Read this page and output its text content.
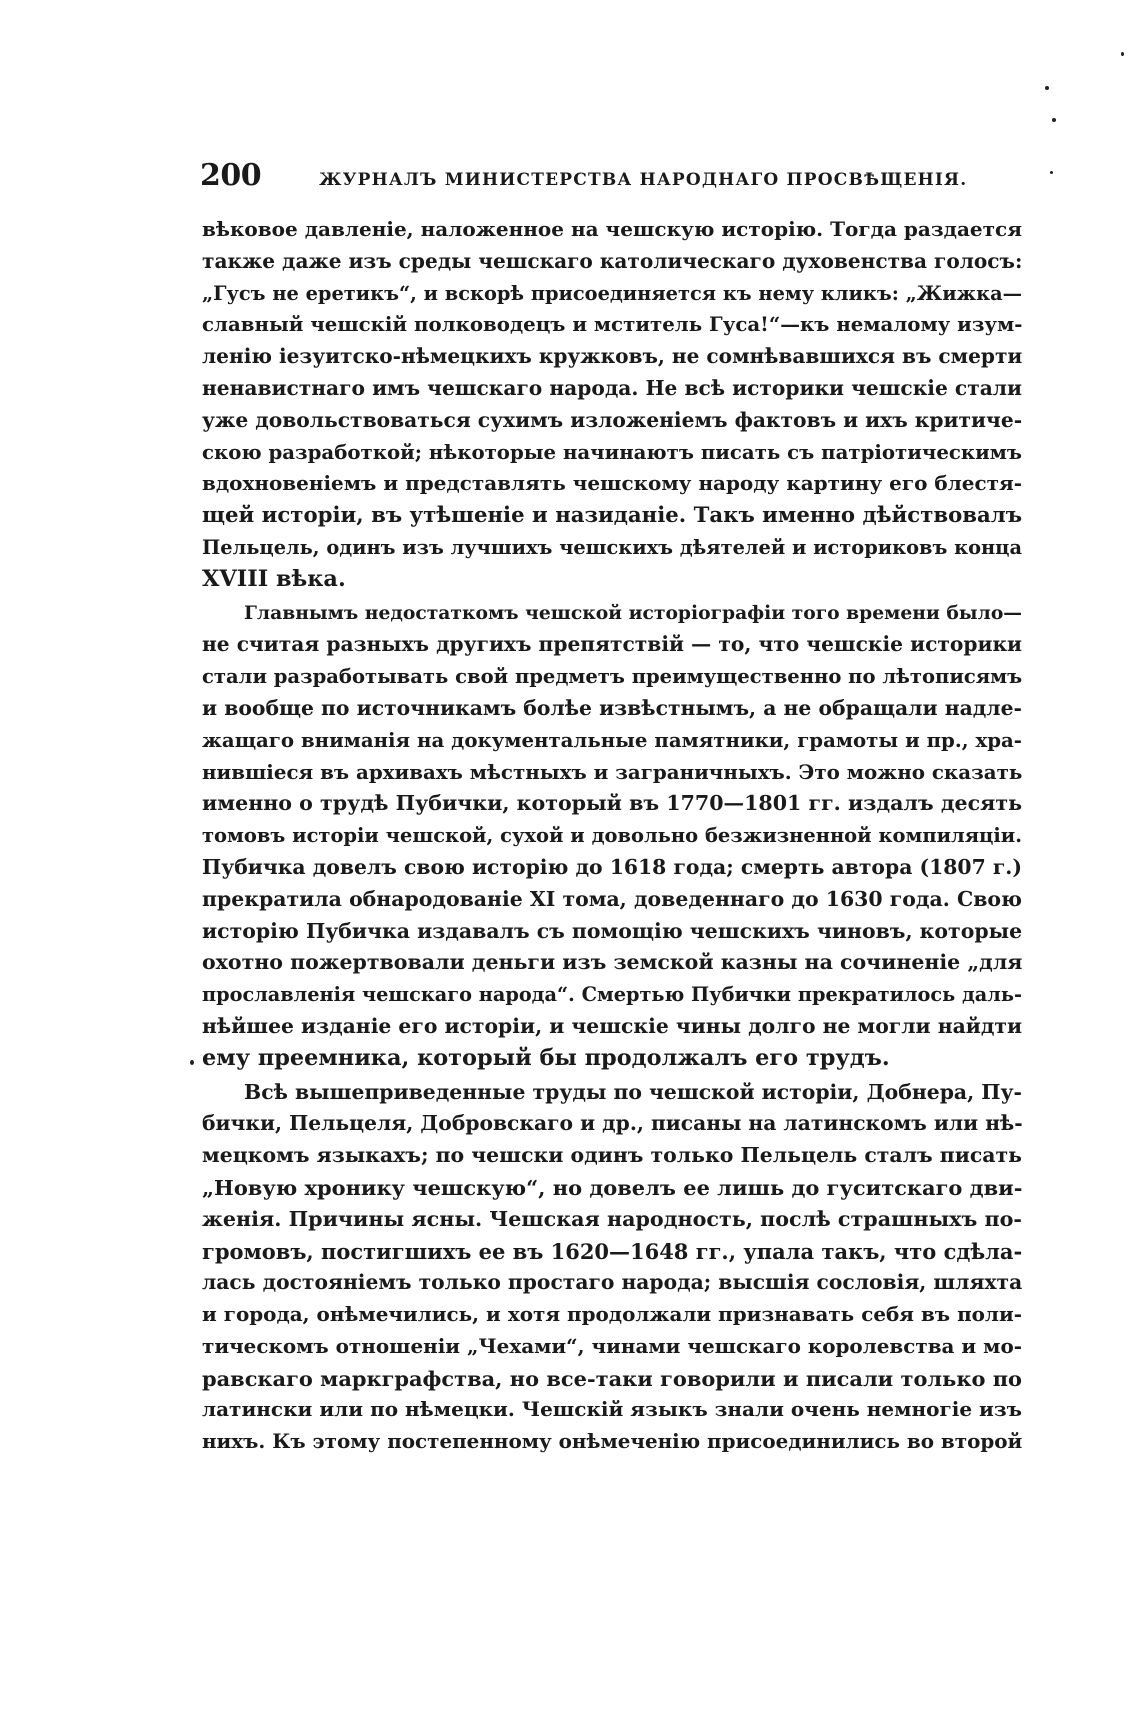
200	ЖУРНАЛЪ МИНИСТЕРСТВА НАРОДНАГО ПРОСВѢЩЕНІЯ.
вѣковое давленіе, наложенное на чешскую исторію. Тогда раздается
также даже изъ среды чешскаго католическаго духовенства голосъ:
„Гусъ не еретикъ“, и вскорѣ присоединяется къ нему кликъ: „Жижка—
славный чешскій полководецъ и мститель Гуса!“—къ немалому изум-
ленію іезуитско-нѣмецкихъ кружковъ, не сомнѣвавшихся въ смерти
ненавистнаго имъ чешскаго народа. Не всѣ историки чешскіе стали
уже довольствоваться сухимъ изложеніемъ фактовъ и ихъ критиче-
скою разработкой; нѣкоторые начинаютъ писать съ патріотическимъ
вдохновеніемъ и представлять чешскому народу картину его блестя-
щей исторіи, въ утѣшеніе и назиданіе. Такъ именно дѣйствовалъ
Пельцель, одинъ изъ лучшихъ чешскихъ дѣятелей и историковъ конца
XVIII вѣка.
Главнымъ недостаткомъ чешской исторіографіи того времени было—
не считая разныхъ другихъ препятствій — то, что чешскіе историки
стали разработывать свой предметъ преимущественно по лѣтописямъ
и вообще по источникамъ болѣе извѣстнымъ, а не обращали надле-
жащаго вниманія на документальные памятники, грамоты и пр., хра-
нившіеся въ архивахъ мѣстныхъ и заграничныхъ. Это можно сказать
именно о трудѣ Пубички, который въ 1770—1801 гг. издалъ десять
томовъ исторіи чешской, сухой и довольно безжизненной компиляціи.
Пубичка довелъ свою исторію до 1618 года; смерть автора (1807 г.)
прекратила обнародованіе XI тома, доведеннаго до 1630 года. Свою
исторію Пубичка издавалъ съ помощію чешскихъ чиновъ, которые
охотно пожертвовали деньги изъ земской казны на сочиненіе „для
прославленія чешскаго народа“. Смертью Пубички прекратилось даль-
нѣйшее изданіе его исторіи, и чешскіе чины долго не могли найдти
ему преемника, который бы продолжалъ его трудъ.
Всѣ вышеприведенные труды по чешской исторіи, Добнера, Пу-
бички, Пельцеля, Добровскаго и др., писаны на латинскомъ или нѣ-
мецкомъ языкахъ; по чешски одинъ только Пельцель сталъ писать
„Новую хронику чешскую“, но довелъ ее лишь до гуситскаго дви-
женія. Причины ясны. Чешская народность, послѣ страшныхъ по-
громовъ, постигшихъ ее въ 1620—1648 гг., упала такъ, что сдѣла-
лась достояніемъ только простаго народа; высшія сословія, шляхта
и города, онѣмечились, и хотя продолжали признавать себя въ поли-
тическомъ отношеніи „Чехами“, чинами чешскаго королевства и мо-
равскаго маркграфства, но все-таки говорили и писали только по
латински или по нѣмецки. Чешскій языкъ знали очень немногіе изъ
нихъ. Къ этому постепенному онѣмеченію присоединились во второй
